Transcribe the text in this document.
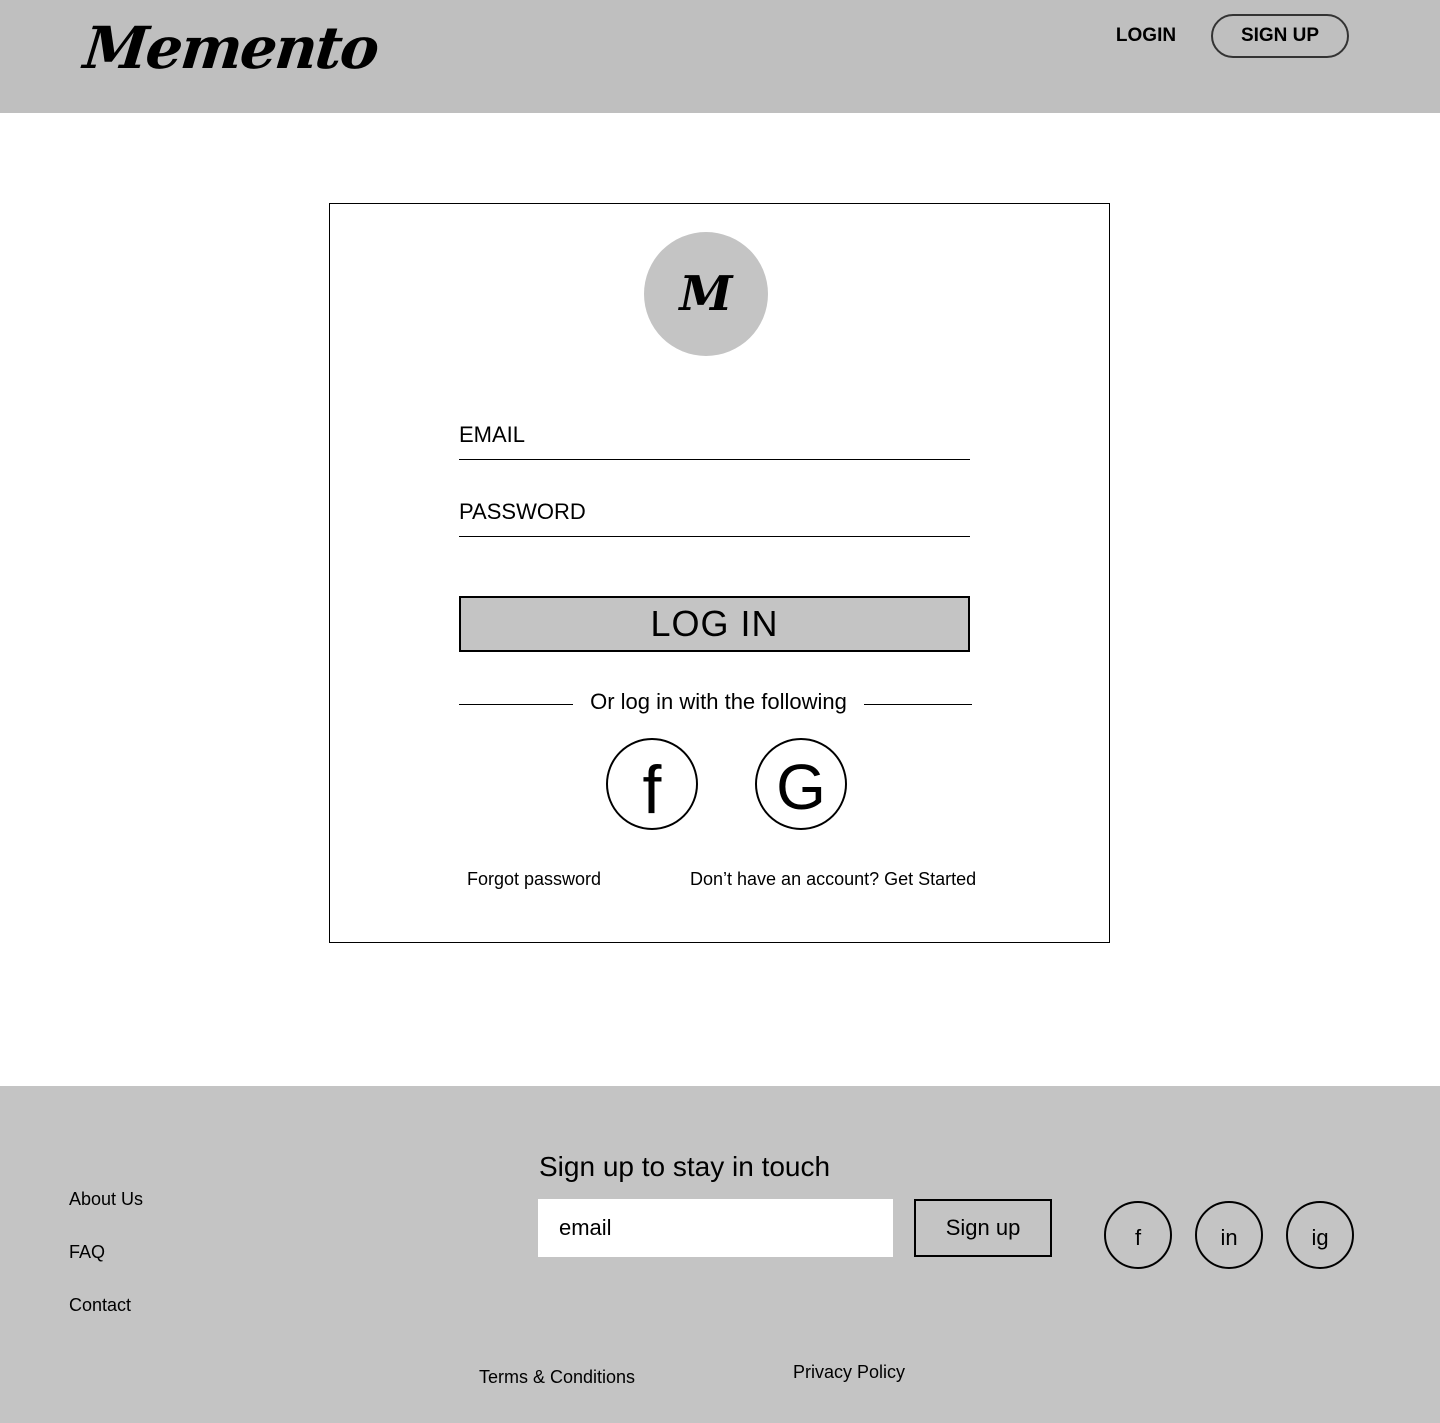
Memento	LOGIN	SIGN UP
M
EMAIL
LOG IN
Or log in with the following
f	G
Forgot password	Don’t have an account? Get Started
About Us
FAQ
Contact
Sign up to stay in touch
email
Sign up	f	in	ig
Terms & Conditions	Privacy Policy
